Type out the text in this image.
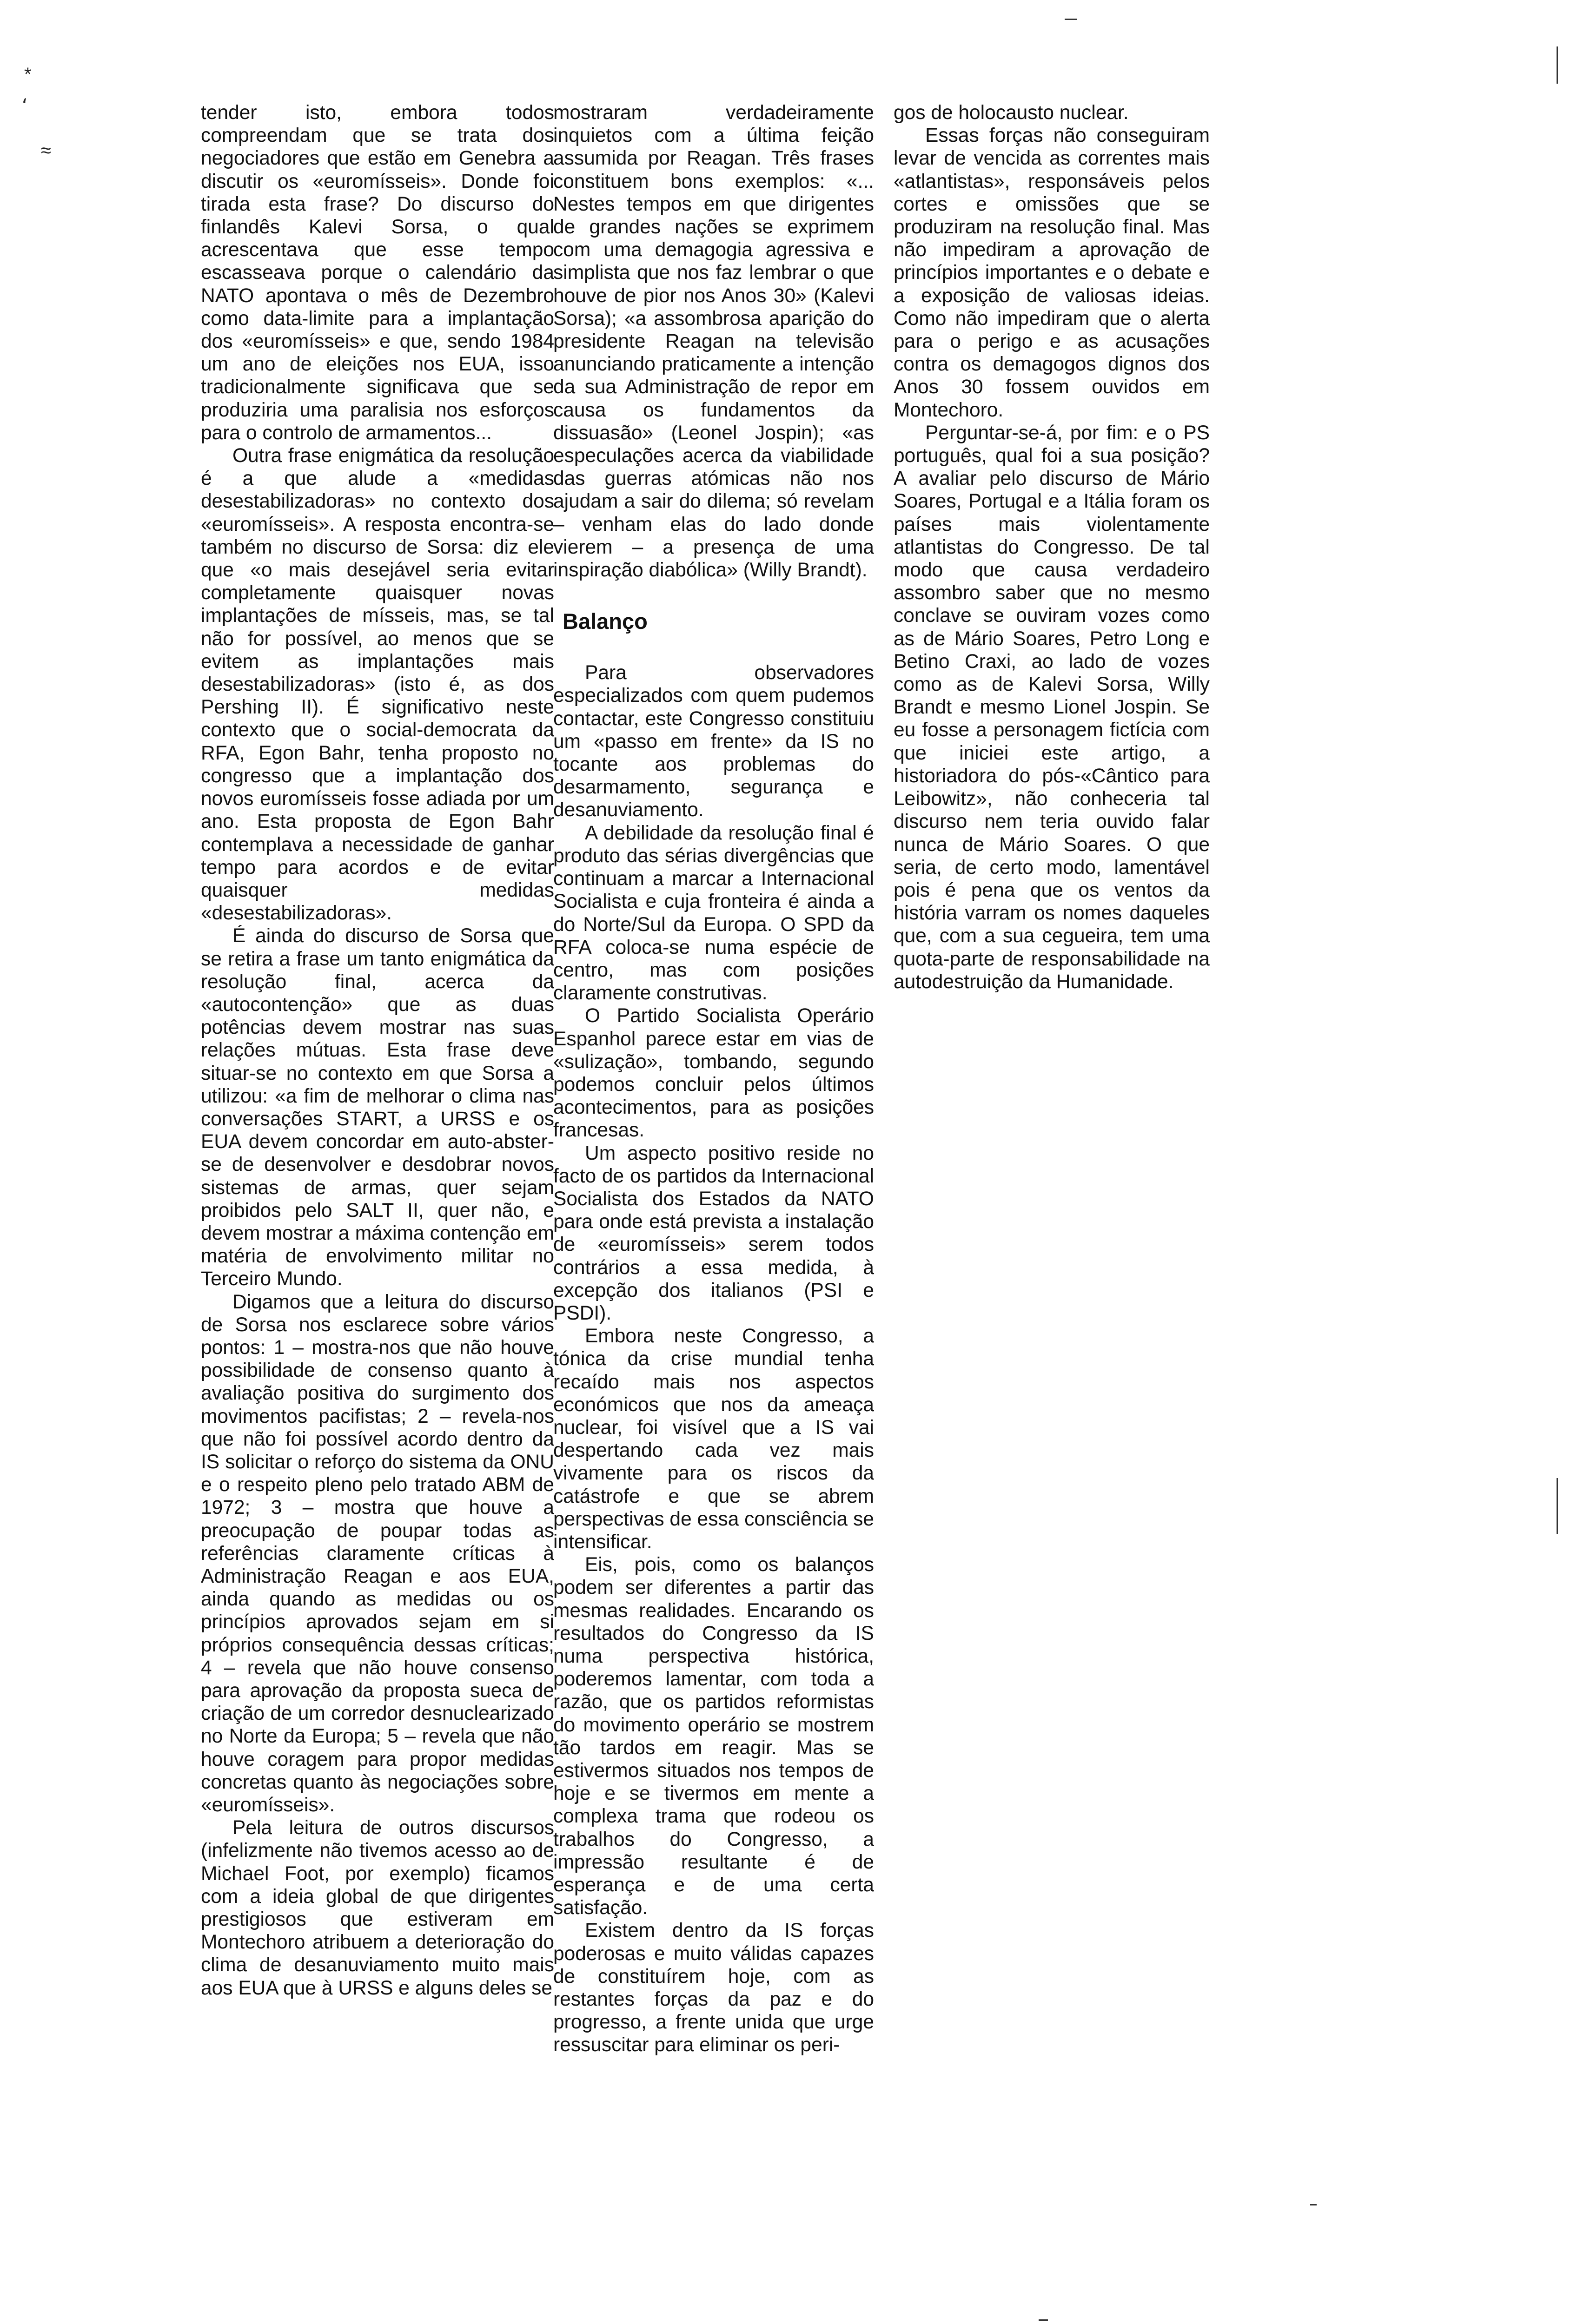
*
،
≈

tender isto, embora todos compreendam que se trata dos negociadores que estão em Genebra a discutir os «euromísseis». Donde foi tirada esta frase? Do discurso do finlandês Kalevi Sorsa, o qual acrescentava que esse tempo escasseava porque o calendário da NATO apontava o mês de Dezembro como data-limite para a implantação dos «euromísseis» e que, sendo 1984 um ano de eleições nos EUA, isso tradicionalmente significava que se produziria uma paralisia nos esforços para o controlo de armamentos...

Outra frase enigmática da resolução é a que alude a «medidas desestabilizadoras» no contexto dos «euromísseis». A resposta encontra-se também no discurso de Sorsa: diz ele que «o mais desejável seria evitar completamente quaisquer novas implantações de mísseis, mas, se tal não for possível, ao menos que se evitem as implantações mais desestabilizadoras» (isto é, as dos Pershing II). É significativo neste contexto que o social-democrata da RFA, Egon Bahr, tenha proposto no congresso que a implantação dos novos euromísseis fosse adiada por um ano. Esta proposta de Egon Bahr contemplava a necessidade de ganhar tempo para acordos e de evitar quaisquer medidas «desestabilizadoras».

É ainda do discurso de Sorsa que se retira a frase um tanto enigmática da resolução final, acerca da «autocontenção» que as duas potências devem mostrar nas suas relações mútuas. Esta frase deve situar-se no contexto em que Sorsa a utilizou: «a fim de melhorar o clima nas conversações START, a URSS e os EUA devem concordar em auto-abster-se de desenvolver e desdobrar novos sistemas de armas, quer sejam proibidos pelo SALT II, quer não, e devem mostrar a máxima contenção em matéria de envolvimento militar no Terceiro Mundo.

Digamos que a leitura do discurso de Sorsa nos esclarece sobre vários pontos: 1 – mostra-nos que não houve possibilidade de consenso quanto à avaliação positiva do surgimento dos movimentos pacifistas; 2 – revela-nos que não foi possível acordo dentro da IS solicitar o reforço do sistema da ONU e o respeito pleno pelo tratado ABM de 1972; 3 – mostra que houve a preocupação de poupar todas as referências claramente críticas à Administração Reagan e aos EUA, ainda quando as medidas ou os princípios aprovados sejam em si próprios consequência dessas críticas; 4 – revela que não houve consenso para aprovação da proposta sueca de criação de um corredor desnuclearizado no Norte da Europa; 5 – revela que não houve coragem para propor medidas concretas quanto às negociações sobre «euromísseis».

Pela leitura de outros discursos (infelizmente não tivemos acesso ao de Michael Foot, por exemplo) ficamos com a ideia global de que dirigentes prestigiosos que estiveram em Montechoro atribuem a deterioração do clima de desanuviamento muito mais aos EUA que à URSS e alguns deles se

mostraram verdadeiramente inquietos com a última feição assumida por Reagan. Três frases constituem bons exemplos: «... Nestes tempos em que dirigentes de grandes nações se exprimem com uma demagogia agressiva e simplista que nos faz lembrar o que houve de pior nos Anos 30» (Kalevi Sorsa); «a assombrosa aparição do presidente Reagan na televisão anunciando praticamente a intenção da sua Administração de repor em causa os fundamentos da dissuasão» (Leonel Jospin); «as especulações acerca da viabilidade das guerras atómicas não nos ajudam a sair do dilema; só revelam – venham elas do lado donde vierem – a presença de uma inspiração diabólica» (Willy Brandt).

Balanço

Para observadores especializados com quem pudemos contactar, este Congresso constituiu um «passo em frente» da IS no tocante aos problemas do desarmamento, segurança e desanuviamento.

A debilidade da resolução final é produto das sérias divergências que continuam a marcar a Internacional Socialista e cuja fronteira é ainda a do Norte/Sul da Europa. O SPD da RFA coloca-se numa espécie de centro, mas com posições claramente construtivas.

O Partido Socialista Operário Espanhol parece estar em vias de «sulização», tombando, segundo podemos concluir pelos últimos acontecimentos, para as posições francesas.

Um aspecto positivo reside no facto de os partidos da Internacional Socialista dos Estados da NATO para onde está prevista a instalação de «euromísseis» serem todos contrários a essa medida, à excepção dos italianos (PSI e PSDI).

Embora neste Congresso, a tónica da crise mundial tenha recaído mais nos aspectos económicos que nos da ameaça nuclear, foi visível que a IS vai despertando cada vez mais vivamente para os riscos da catástrofe e que se abrem perspectivas de essa consciência se intensificar.

Eis, pois, como os balanços podem ser diferentes a partir das mesmas realidades. Encarando os resultados do Congresso da IS numa perspectiva histórica, poderemos lamentar, com toda a razão, que os partidos reformistas do movimento operário se mostrem tão tardos em reagir. Mas se estivermos situados nos tempos de hoje e se tivermos em mente a complexa trama que rodeou os trabalhos do Congresso, a impressão resultante é de esperança e de uma certa satisfação.

Existem dentro da IS forças poderosas e muito válidas capazes de constituírem hoje, com as restantes forças da paz e do progresso, a frente unida que urge ressuscitar para eliminar os peri-

gos de holocausto nuclear.

Essas forças não conseguiram levar de vencida as correntes mais «atlantistas», responsáveis pelos cortes e omissões que se produziram na resolução final. Mas não impediram a aprovação de princípios importantes e o debate e a exposição de valiosas ideias. Como não impediram que o alerta para o perigo e as acusações contra os demagogos dignos dos Anos 30 fossem ouvidos em Montechoro.

Perguntar-se-á, por fim: e o PS português, qual foi a sua posição? A avaliar pelo discurso de Mário Soares, Portugal e a Itália foram os países mais violentamente atlantistas do Congresso. De tal modo que causa verdadeiro assombro saber que no mesmo conclave se ouviram vozes como as de Mário Soares, Petro Long e Betino Craxi, ao lado de vozes como as de Kalevi Sorsa, Willy Brandt e mesmo Lionel Jospin. Se eu fosse a personagem fictícia com que iniciei este artigo, a historiadora do pós-«Cântico para Leibowitz», não conheceria tal discurso nem teria ouvido falar nunca de Mário Soares. O que seria, de certo modo, lamentável pois é pena que os ventos da história varram os nomes daqueles que, com a sua cegueira, tem uma quota-parte de responsabilidade na autodestruição da Humanidade.
